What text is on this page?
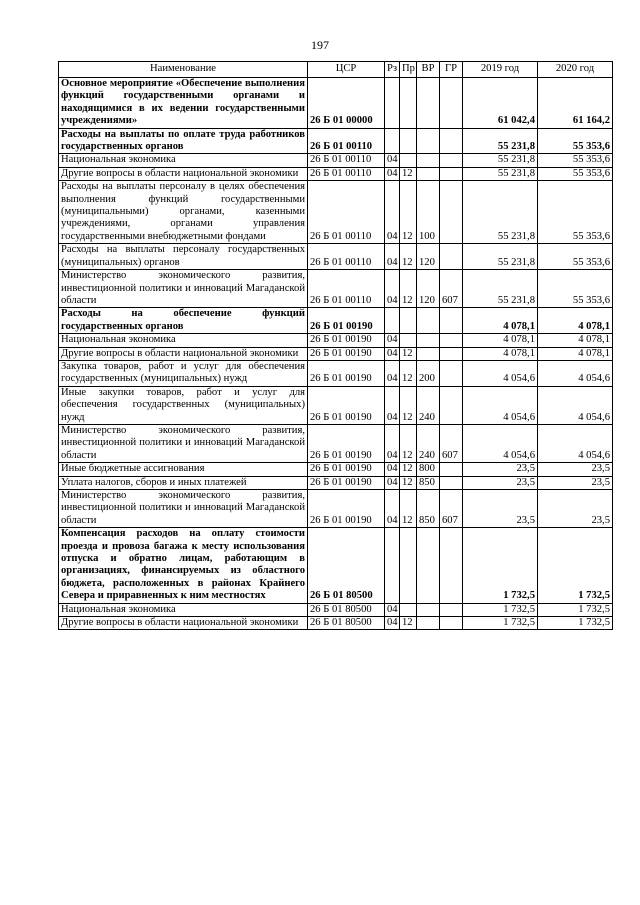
197
Наименование	ЦСР	Рз	Пр	ВР	ГР	2019 год	2020 год
Основное мероприятие «Обеспечение выполнения функций государственными органами и находящимися в их ведении государственными учреждениями»	26 Б 01 00000					61 042,4	61 164,2
Расходы на выплаты по оплате труда работников государственных органов	26 Б 01 00110					55 231,8	55 353,6
Национальная экономика	26 Б 01 00110	04				55 231,8	55 353,6
Другие вопросы в области национальной экономики	26 Б 01 00110	04	12			55 231,8	55 353,6
Расходы на выплаты персоналу в целях обеспечения выполнения функций государственными (муниципальными) органами, казенными учреждениями, органами управления государственными внебюджетными фондами	26 Б 01 00110	04	12	100		55 231,8	55 353,6
Расходы на выплаты персоналу государственных (муниципальных) органов	26 Б 01 00110	04	12	120		55 231,8	55 353,6
Министерство экономического развития, инвестиционной политики и инноваций Магаданской области	26 Б 01 00110	04	12	120	607	55 231,8	55 353,6
Расходы на обеспечение функций государственных органов	26 Б 01 00190					4 078,1	4 078,1
Национальная экономика	26 Б 01 00190	04				4 078,1	4 078,1
Другие вопросы в области национальной экономики	26 Б 01 00190	04	12			4 078,1	4 078,1
Закупка товаров, работ и услуг для обеспечения государственных (муниципальных) нужд	26 Б 01 00190	04	12	200		4 054,6	4 054,6
Иные закупки товаров, работ и услуг для обеспечения государственных (муниципальных) нужд	26 Б 01 00190	04	12	240		4 054,6	4 054,6
Министерство экономического развития, инвестиционной политики и инноваций Магаданской области	26 Б 01 00190	04	12	240	607	4 054,6	4 054,6
Иные бюджетные ассигнования	26 Б 01 00190	04	12	800		23,5	23,5
Уплата налогов, сборов и иных платежей	26 Б 01 00190	04	12	850		23,5	23,5
Министерство экономического развития, инвестиционной политики и инноваций Магаданской области	26 Б 01 00190	04	12	850	607	23,5	23,5
Компенсация расходов на оплату стоимости проезда и провоза багажа к месту использования отпуска и обратно лицам, работающим в организациях, финансируемых из областного бюджета, расположенных в районах Крайнего Севера и приравненных к ним местностях	26 Б 01 80500					1 732,5	1 732,5
Национальная экономика	26 Б 01 80500	04				1 732,5	1 732,5
Другие вопросы в области национальной экономики	26 Б 01 80500	04	12			1 732,5	1 732,5
